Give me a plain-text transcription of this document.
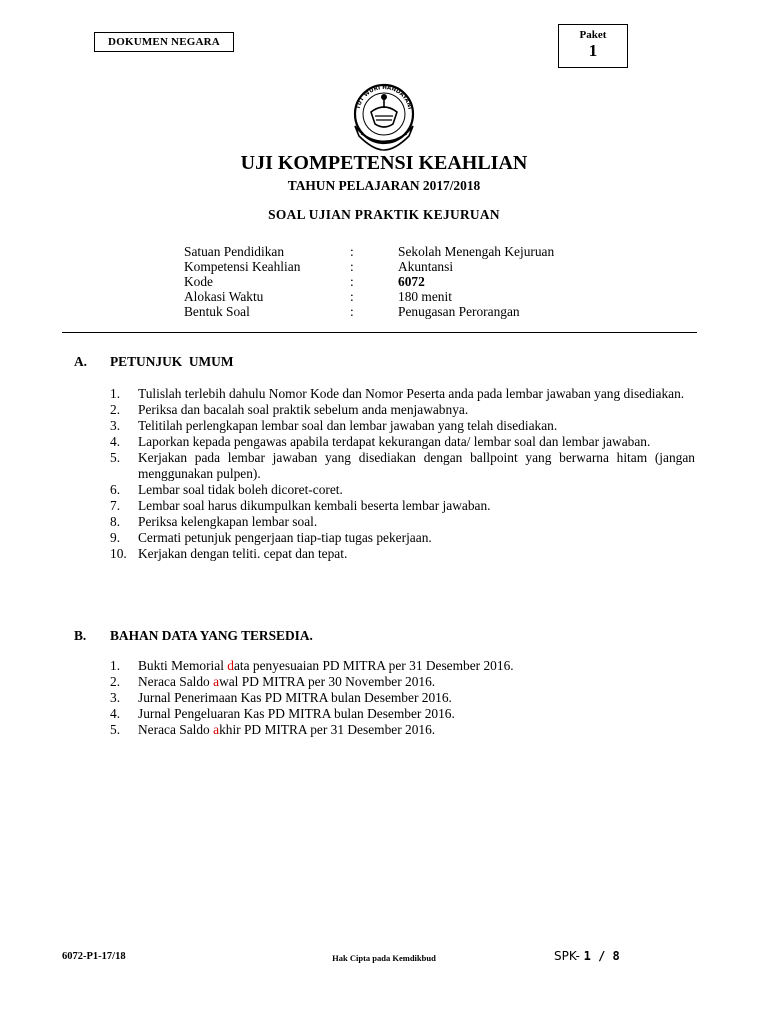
DOKUMEN NEGARA
Paket
1
TUT WURI HANDAYANI
UJI KOMPETENSI KEAHLIAN
TAHUN PELAJARAN 2017/2018
SOAL UJIAN PRAKTIK KEJURUAN
Satuan Pendidikan	:	Sekolah Menengah Kejuruan
Kompetensi Keahlian	:	Akuntansi
Kode	:	6072
Alokasi Waktu	:	180 menit
Bentuk Soal	:	Penugasan Perorangan
A. PETUNJUK  UMUM
1. Tulislah terlebih dahulu Nomor Kode dan Nomor Peserta anda pada lembar jawaban yang disediakan.
2. Periksa dan bacalah soal praktik sebelum anda menjawabnya.
3. Telitilah perlengkapan lembar soal dan lembar jawaban yang telah disediakan.
4. Laporkan kepada pengawas apabila terdapat kekurangan data/ lembar soal dan lembar jawaban.
5. Kerjakan pada lembar jawaban yang disediakan dengan ballpoint yang berwarna hitam (jangan menggunakan pulpen).
6. Lembar soal tidak boleh dicoret-coret.
7. Lembar soal harus dikumpulkan kembali beserta lembar jawaban.
8. Periksa kelengkapan lembar soal.
9. Cermati petunjuk pengerjaan tiap-tiap tugas pekerjaan.
10. Kerjakan dengan teliti. cepat dan tepat.
B. BAHAN DATA YANG TERSEDIA.
1. Bukti Memorial data penyesuaian PD MITRA per 31 Desember 2016.
2. Neraca Saldo awal PD MITRA per 30 November 2016.
3. Jurnal Penerimaan Kas PD MITRA bulan Desember 2016.
4. Jurnal Pengeluaran Kas PD MITRA bulan Desember 2016.
5. Neraca Saldo akhir PD MITRA per 31 Desember 2016.
6072-P1-17/18	Hak Cipta pada Kemdikbud	SPK- 1 / 8
